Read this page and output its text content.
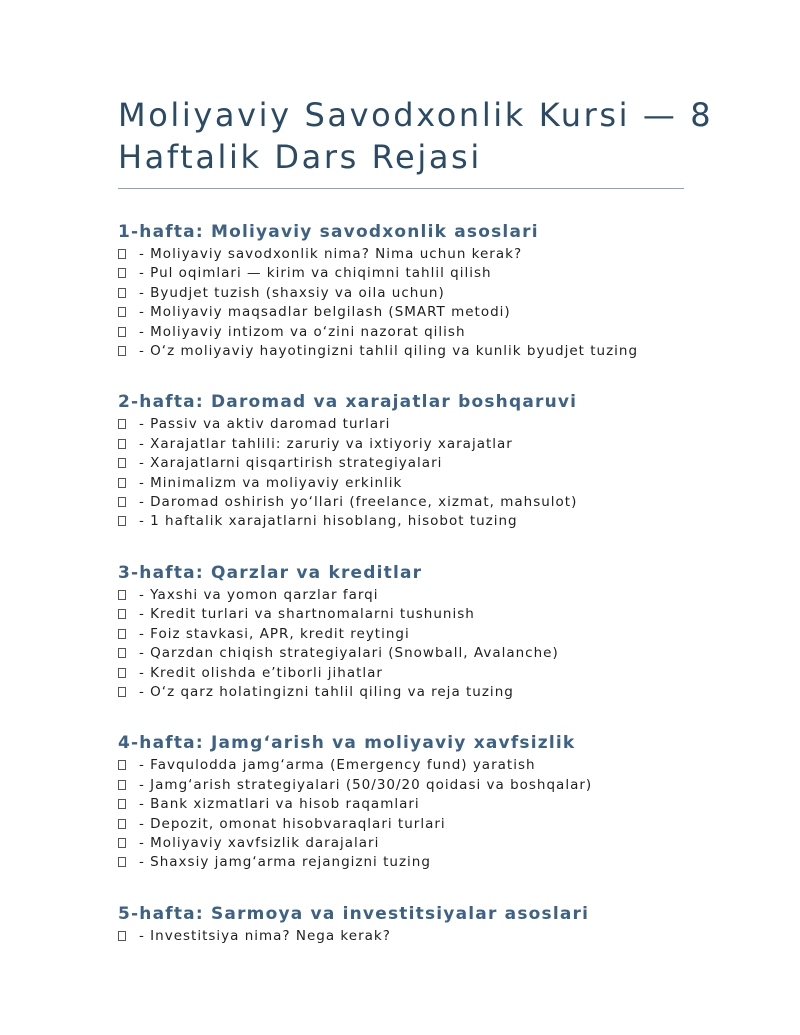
Moliyaviy Savodxonlik Kursi — 8
Haftalik Dars Rejasi
1-hafta: Moliyaviy savodxonlik asoslari
- Moliyaviy savodxonlik nima? Nima uchun kerak?
- Pul oqimlari — kirim va chiqimni tahlil qilish
- Byudjet tuzish (shaxsiy va oila uchun)
- Moliyaviy maqsadlar belgilash (SMART metodi)
- Moliyaviy intizom va o‘zini nazorat qilish
- O‘z moliyaviy hayotingizni tahlil qiling va kunlik byudjet tuzing
2-hafta: Daromad va xarajatlar boshqaruvi
- Passiv va aktiv daromad turlari
- Xarajatlar tahlili: zaruriy va ixtiyoriy xarajatlar
- Xarajatlarni qisqartirish strategiyalari
- Minimalizm va moliyaviy erkinlik
- Daromad oshirish yo‘llari (freelance, xizmat, mahsulot)
- 1 haftalik xarajatlarni hisoblang, hisobot tuzing
3-hafta: Qarzlar va kreditlar
- Yaxshi va yomon qarzlar farqi
- Kredit turlari va shartnomalarni tushunish
- Foiz stavkasi, APR, kredit reytingi
- Qarzdan chiqish strategiyalari (Snowball, Avalanche)
- Kredit olishda e’tiborli jihatlar
- O‘z qarz holatingizni tahlil qiling va reja tuzing
4-hafta: Jamg‘arish va moliyaviy xavfsizlik
- Favqulodda jamg‘arma (Emergency fund) yaratish
- Jamg‘arish strategiyalari (50/30/20 qoidasi va boshqalar)
- Bank xizmatlari va hisob raqamlari
- Depozit, omonat hisobvaraqlari turlari
- Moliyaviy xavfsizlik darajalari
- Shaxsiy jamg‘arma rejangizni tuzing
5-hafta: Sarmoya va investitsiyalar asoslari
- Investitsiya nima? Nega kerak?
